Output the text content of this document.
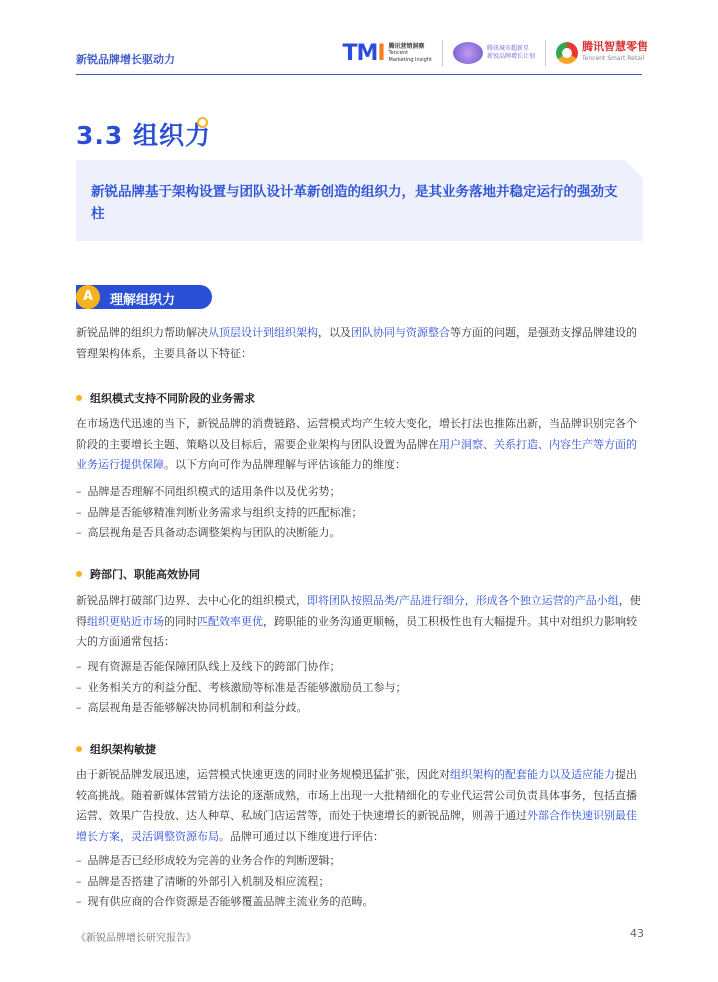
新锐品牌增长驱动力	TMI 腾讯营销洞察
Tencent
Marketing Insight
腾讯城市超新星
新锐品牌增长计划
腾讯智慧零售
Tencent Smart Retail
3.3 组织力

新锐品牌基于架构设置与团队设计革新创造的组织力，是其业务落地并稳定运行的强劲支柱

A	理解组织力

新锐品牌的组织力帮助解决从顶层设计到组织架构，以及团队协同与资源整合等方面的问题，是强劲支撑品牌建设的管理架构体系，主要具备以下特征：

组织模式支持不同阶段的业务需求

在市场迭代迅速的当下，新锐品牌的消费链路、运营模式均产生较大变化，增长打法也推陈出新，当品牌识别完各个阶段的主要增长主题、策略以及目标后，需要企业架构与团队设置为品牌在用户洞察、关系打造、内容生产等方面的业务运行提供保障。以下方向可作为品牌理解与评估该能力的维度：

– 品牌是否理解不同组织模式的适用条件以及优劣势；
– 品牌是否能够精准判断业务需求与组织支持的匹配标准；
– 高层视角是否具备动态调整架构与团队的决断能力。
跨部门、职能高效协同

新锐品牌打破部门边界、去中心化的组织模式，即将团队按照品类/产品进行细分，形成各个独立运营的产品小组，使得组织更贴近市场的同时匹配效率更优，跨职能的业务沟通更顺畅，员工积极性也有大幅提升。其中对组织力影响较大的方面通常包括：

– 现有资源是否能保障团队线上及线下的跨部门协作；
– 业务相关方的利益分配、考核激励等标准是否能够激励员工参与；
– 高层视角是否能够解决协同机制和利益分歧。
组织架构敏捷

由于新锐品牌发展迅速，运营模式快速更迭的同时业务规模迅猛扩张，因此对组织架构的配套能力以及适应能力提出较高挑战。随着新媒体营销方法论的逐渐成熟，市场上出现一大批精细化的专业代运营公司负责具体事务，包括直播运营、效果广告投放、达人种草、私域门店运营等，而处于快速增长的新锐品牌，则善于通过外部合作快速识别最佳增长方案，灵活调整资源布局。品牌可通过以下维度进行评估：

– 品牌是否已经形成较为完善的业务合作的判断逻辑；
– 品牌是否搭建了清晰的外部引入机制及相应流程；
– 现有供应商的合作资源是否能够覆盖品牌主流业务的范畴。
《新锐品牌增长研究报告》	43
